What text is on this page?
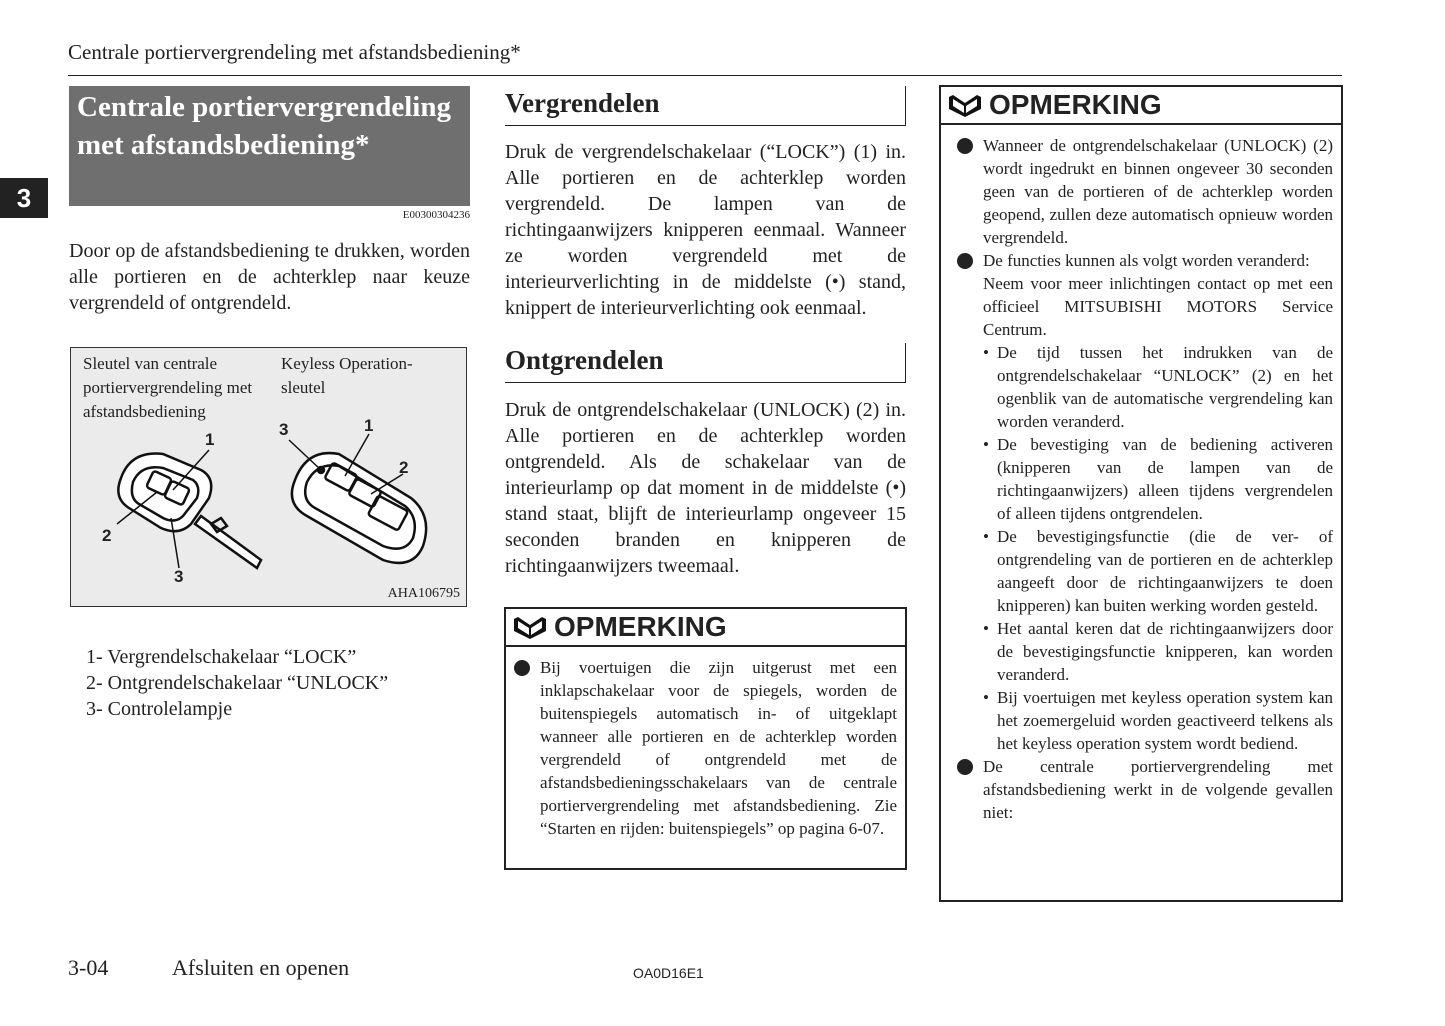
Centrale portiervergrendeling met afstandsbediening*
3
Centrale portiervergrendeling met afstandsbediening*
E00300304236
Door op de afstandsbediening te drukken, worden alle portieren en de achterklep naar keuze vergrendeld of ontgrendeld.
Sleutel van centrale portiervergrendeling met afstandsbediening
Keyless Operation-sleutel
1
2
3
3	1
2
AHA106795
1- Vergrendelschakelaar “LOCK”
2- Ontgrendelschakelaar “UNLOCK”
3- Controlelampje
Vergrendelen
Druk de vergrendelschakelaar (“LOCK”) (1) in. Alle portieren en de achterklep worden vergrendeld. De lampen van de richtingaanwijzers knipperen eenmaal. Wanneer ze worden vergrendeld met de interieurverlichting in de middelste (•) stand, knippert de interieurverlichting ook eenmaal.
Ontgrendelen
Druk de ontgrendelschakelaar (UNLOCK) (2) in. Alle portieren en de achterklep worden ontgrendeld. Als de schakelaar van de interieurlamp op dat moment in de middelste (•) stand staat, blijft de interieurlamp ongeveer 15 seconden branden en knipperen de richtingaanwijzers tweemaal.
OPMERKING
Bij voertuigen die zijn uitgerust met een inklapschakelaar voor de spiegels, worden de buitenspiegels automatisch in- of uitgeklapt wanneer alle portieren en de achterklep worden vergrendeld of ontgrendeld met de afstandsbedieningsschakelaars van de centrale portiervergrendeling met afstandsbediening. Zie “Starten en rijden: buitenspiegels” op pagina 6-07.
OPMERKING
Wanneer de ontgrendelschakelaar (UNLOCK) (2) wordt ingedrukt en binnen ongeveer 30 seconden geen van de portieren of de achterklep worden geopend, zullen deze automatisch opnieuw worden vergrendeld.
De functies kunnen als volgt worden veranderd:
Neem voor meer inlichtingen contact op met een officieel MITSUBISHI MOTORS Service Centrum.
• De tijd tussen het indrukken van de ontgrendelschakelaar “UNLOCK” (2) en het ogenblik van de automatische vergrendeling kan worden veranderd.
• De bevestiging van de bediening activeren (knipperen van de lampen van de richtingaanwijzers) alleen tijdens vergrendelen of alleen tijdens ontgrendelen.
• De bevestigingsfunctie (die de ver- of ontgrendeling van de portieren en de achterklep aangeeft door de richtingaanwijzers te doen knipperen) kan buiten werking worden gesteld.
• Het aantal keren dat de richtingaanwijzers door de bevestigingsfunctie knipperen, kan worden veranderd.
• Bij voertuigen met keyless operation system kan het zoemergeluid worden geactiveerd telkens als het keyless operation system wordt bediend.
De centrale portiervergrendeling met afstandsbediening werkt in de volgende gevallen niet:
3-04	Afsluiten en openen	OA0D16E1
